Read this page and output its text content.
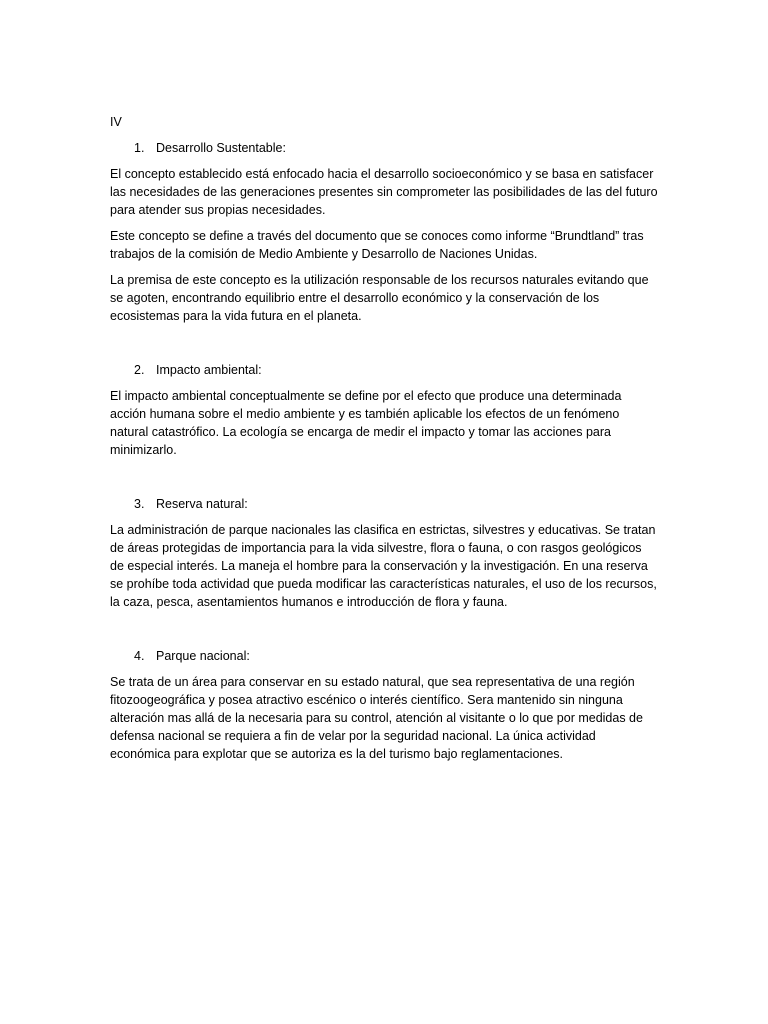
IV
1. Desarrollo Sustentable:

El concepto establecido está enfocado hacia el desarrollo socioeconómico y se basa en satisfacer las necesidades de las generaciones presentes sin comprometer las posibilidades de las del futuro para atender sus propias necesidades.

Este concepto se define a través del documento que se conoces como informe “Brundtland” tras trabajos de la comisión de Medio Ambiente y Desarrollo de Naciones Unidas.

La premisa de este concepto es la utilización responsable de los recursos naturales evitando que se agoten, encontrando equilibrio entre el desarrollo económico y la conservación de los ecosistemas para la vida futura en el planeta.

2. Impacto ambiental:

El impacto ambiental conceptualmente se define por el efecto que produce una determinada acción humana sobre el medio ambiente y es también aplicable los efectos de un fenómeno natural catastrófico. La ecología se encarga de medir el impacto y tomar las acciones para minimizarlo.

3. Reserva natural:

La administración de parque nacionales las clasifica en estrictas, silvestres y educativas. Se tratan de áreas protegidas de importancia para la vida silvestre, flora o fauna, o con rasgos geológicos de especial interés. La maneja el hombre para la conservación y la investigación. En una reserva se prohíbe toda actividad que pueda modificar las características naturales, el uso de los recursos, la caza, pesca, asentamientos humanos e introducción de flora y fauna.

4. Parque nacional:

Se trata de un área para conservar en su estado natural, que sea representativa de una región fitozoogeográfica y posea atractivo escénico o interés científico. Sera mantenido sin ninguna alteración mas allá de la necesaria para su control, atención al visitante o lo que por medidas de defensa nacional se requiera a fin de velar por la seguridad nacional. La única actividad económica para explotar que se autoriza es la del turismo bajo reglamentaciones.
